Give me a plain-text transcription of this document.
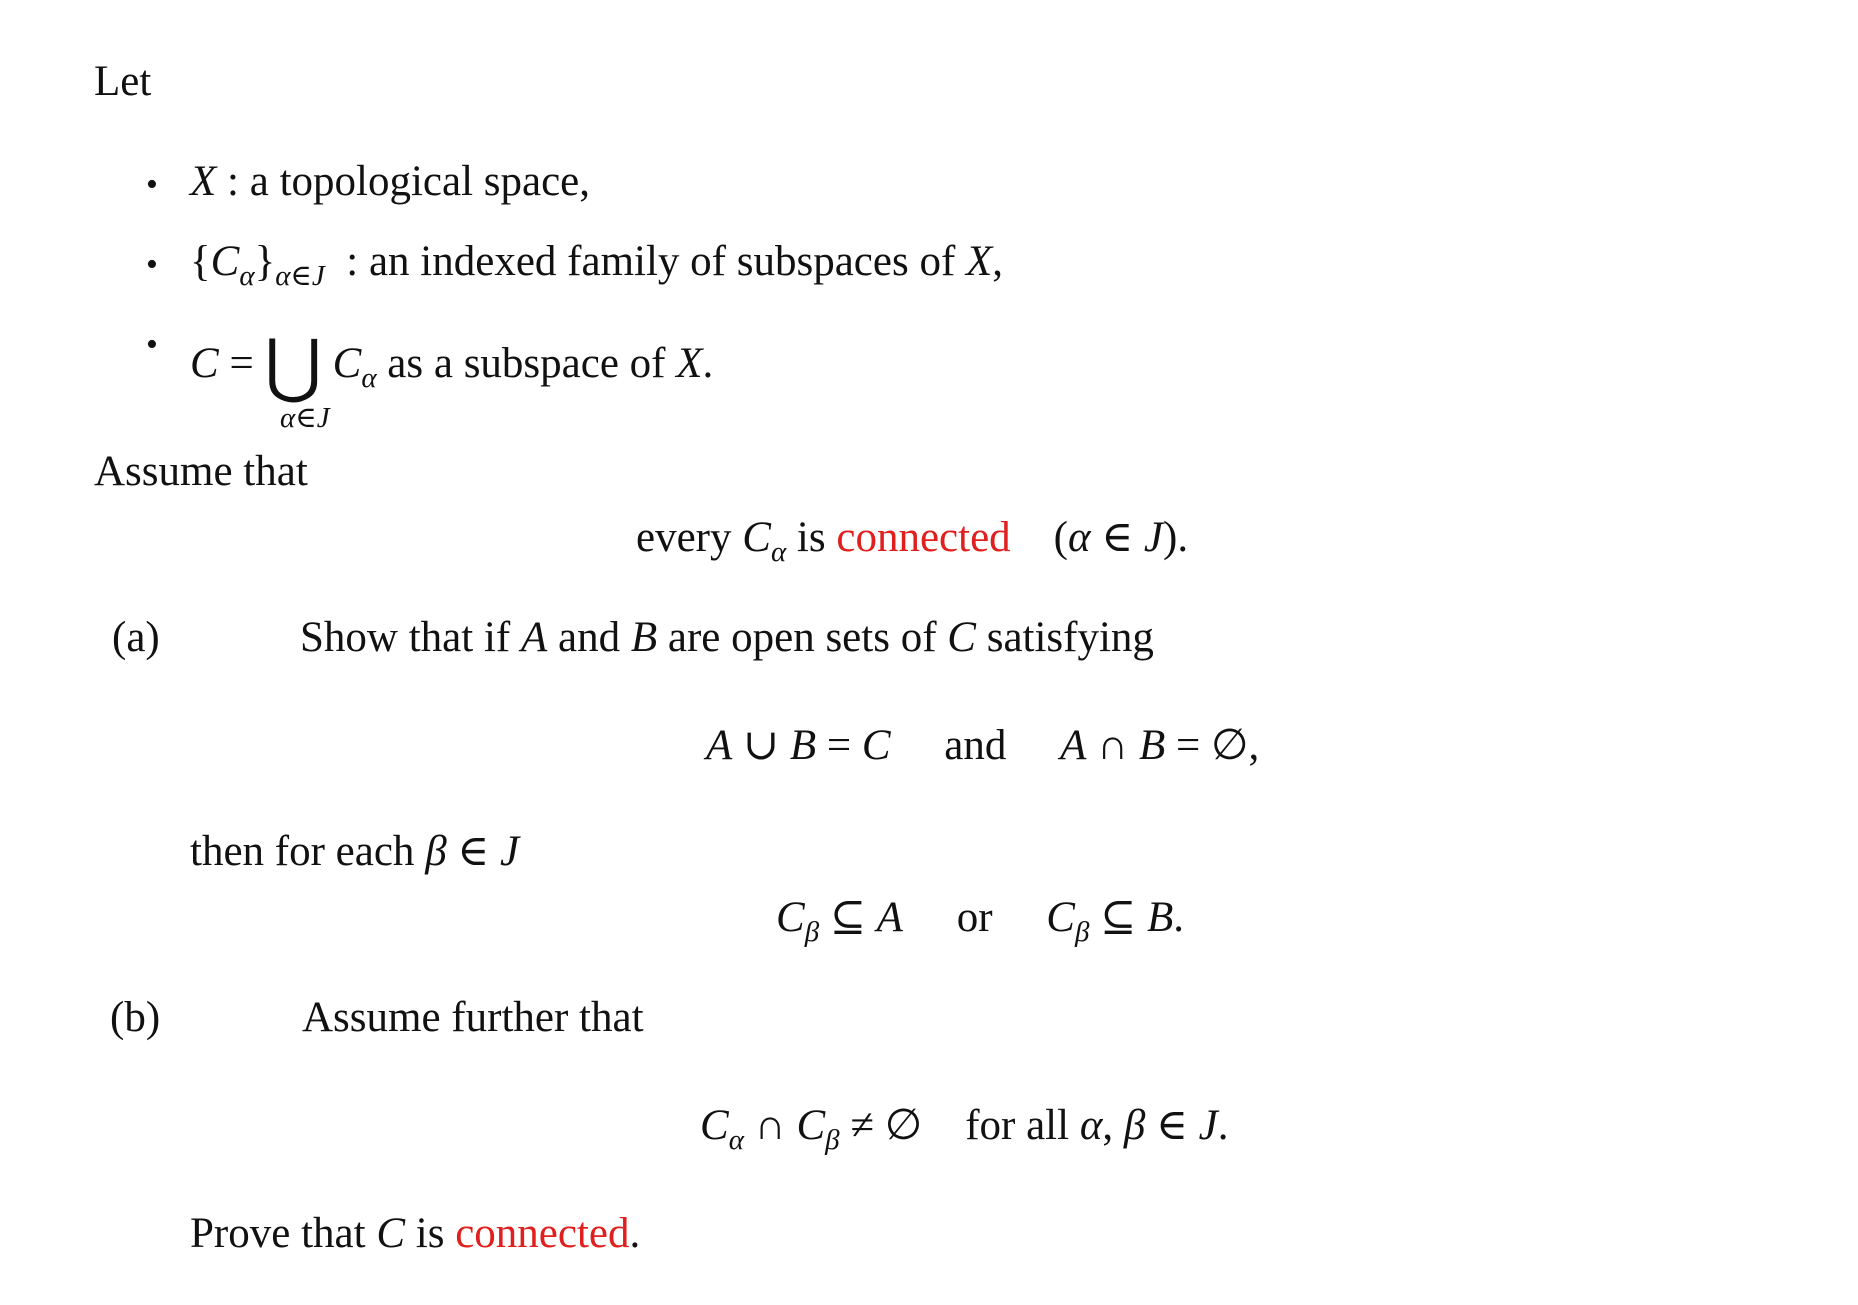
•
•
•
Let
X : a topological space,
$\{C_\alpha\}_{\alpha\in J}$  : an indexed family of subspaces of X,
C = ⋃ $C_\alpha$ as a subspace of X.
$_{\alpha\in J}$
Assume that
every $C_\alpha$ is connected    (α ∈ J).
(a)	Show that if A and B are open sets of C satisfying
A ∪ B = C     and     A ∩ B = ∅,
then for each β ∈ J
$C_\beta$ ⊆ A     or     $C_\beta$ ⊆ B.
(b)	Assume further that
$C_\alpha$ ∩ $C_\beta$ ≠ ∅    for all α, β ∈ J.
Prove that C is connected.
